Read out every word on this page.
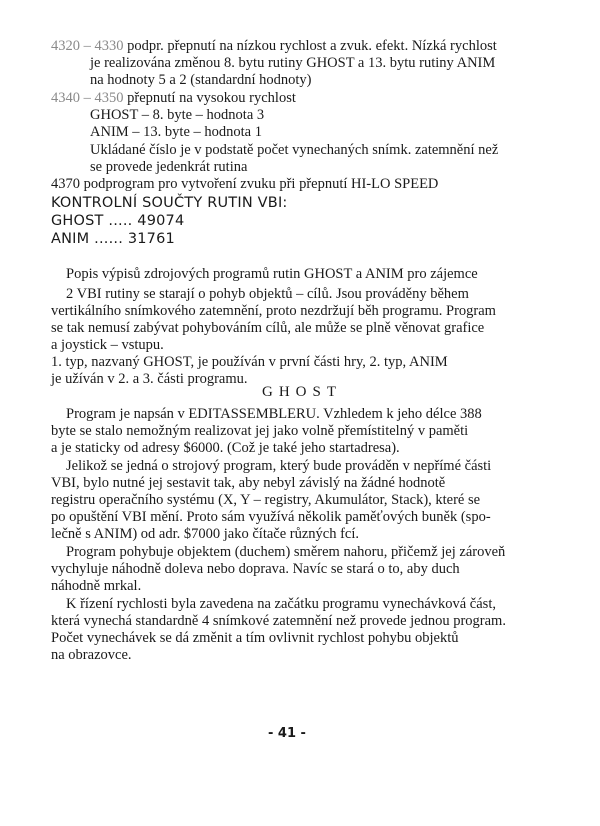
4320 – 4330 podpr. přepnutí na nízkou rychlost a zvuk. efekt. Nízká rychlost
je realizována změnou 8. bytu rutiny GHOST a 13. bytu rutiny ANIM
na hodnoty 5 a 2 (standardní hodnoty)
4340 – 4350 přepnutí na vysokou rychlost
GHOST – 8. byte – hodnota 3
ANIM – 13. byte – hodnota 1
Ukládané číslo je v podstatě počet vynechaných snímk. zatemnění než
se provede jedenkrát rutina
4370 podprogram pro vytvoření zvuku při přepnutí HI-LO SPEED
KONTROLNÍ SOUČTY RUTIN VBI:
GHOST ..... 49074
ANIM ...... 31761
Popis výpisů zdrojových programů rutin GHOST a ANIM pro zájemce
2 VBI rutiny se starají o pohyb objektů – cílů. Jsou prováděny během
vertikálního snímkového zatemnění, proto nezdržují běh programu. Program
se tak nemusí zabývat pohybováním cílů, ale může se plně věnovat grafice
a joystick – vstupu.
1. typ, nazvaný GHOST, je používán v první části hry, 2. typ, ANIM
je užíván v 2. a 3. části programu.
GHOST
Program je napsán v EDITASSEMBLERU. Vzhledem k jeho délce 388
byte se stalo nemožným realizovat jej jako volně přemístitelný v paměti
a je staticky od adresy $6000. (Což je také jeho startadresa).
Jelikož se jedná o strojový program, který bude prováděn v nepřímé části
VBI, bylo nutné jej sestavit tak, aby nebyl závislý na žádné hodnotě
registru operačního systému (X, Y – registry, Akumulátor, Stack), které se
po opuštění VBI mění. Proto sám využívá několik paměťových buněk (spo-
lečně s ANIM) od adr. $7000 jako čítače různých fcí.
Program pohybuje objektem (duchem) směrem nahoru, přičemž jej zároveň
vychyluje náhodně doleva nebo doprava. Navíc se stará o to, aby duch
náhodně mrkal.
K řízení rychlosti byla zavedena na začátku programu vynechávková část,
která vynechá standardně 4 snímkové zatemnění než provede jednou program.
Počet vynechávek se dá změnit a tím ovlivnit rychlost pohybu objektů
na obrazovce.
- 41 -
